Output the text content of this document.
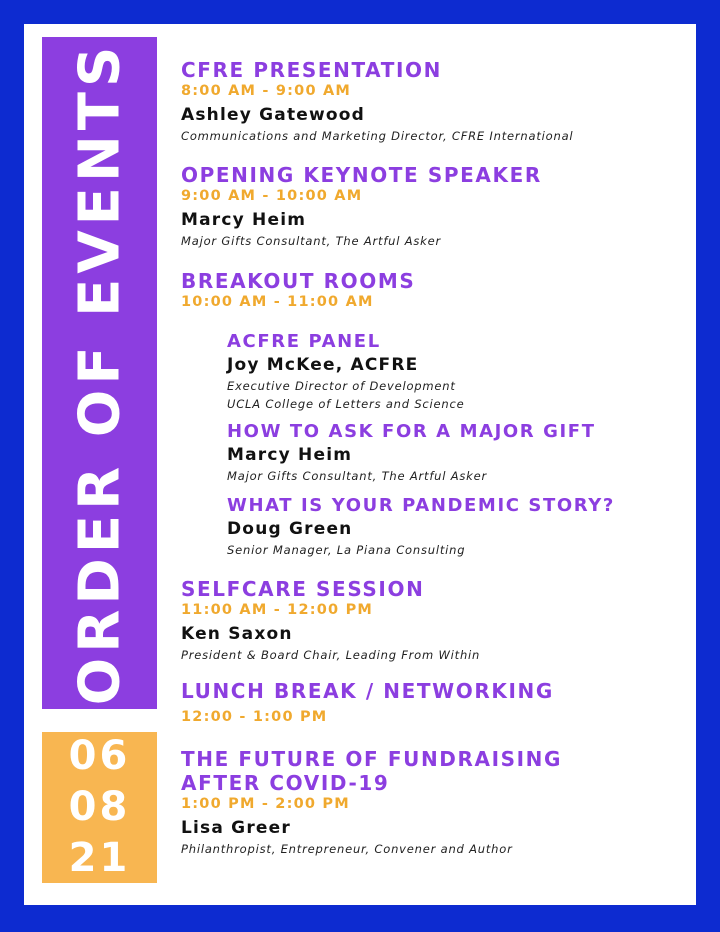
ORDER OF EVENTS
06
08
21
CFRE PRESENTATION
8:00 AM - 9:00 AM
Ashley Gatewood
Communications and Marketing Director, CFRE International
OPENING KEYNOTE SPEAKER
9:00 AM - 10:00 AM
Marcy Heim
Major Gifts Consultant, The Artful Asker
BREAKOUT ROOMS
10:00 AM - 11:00 AM
ACFRE PANEL
Joy McKee, ACFRE
Executive Director of Development
UCLA College of Letters and Science
HOW TO ASK FOR A MAJOR GIFT
Marcy Heim
Major Gifts Consultant, The Artful Asker
WHAT IS YOUR PANDEMIC STORY?
Doug Green
Senior Manager, La Piana Consulting
SELFCARE SESSION
11:00 AM - 12:00 PM
Ken Saxon
President & Board Chair, Leading From Within
LUNCH BREAK / NETWORKING
12:00 - 1:00 PM
THE FUTURE OF FUNDRAISING
AFTER COVID-19
1:00 PM - 2:00 PM
Lisa Greer
Philanthropist, Entrepreneur, Convener and Author
